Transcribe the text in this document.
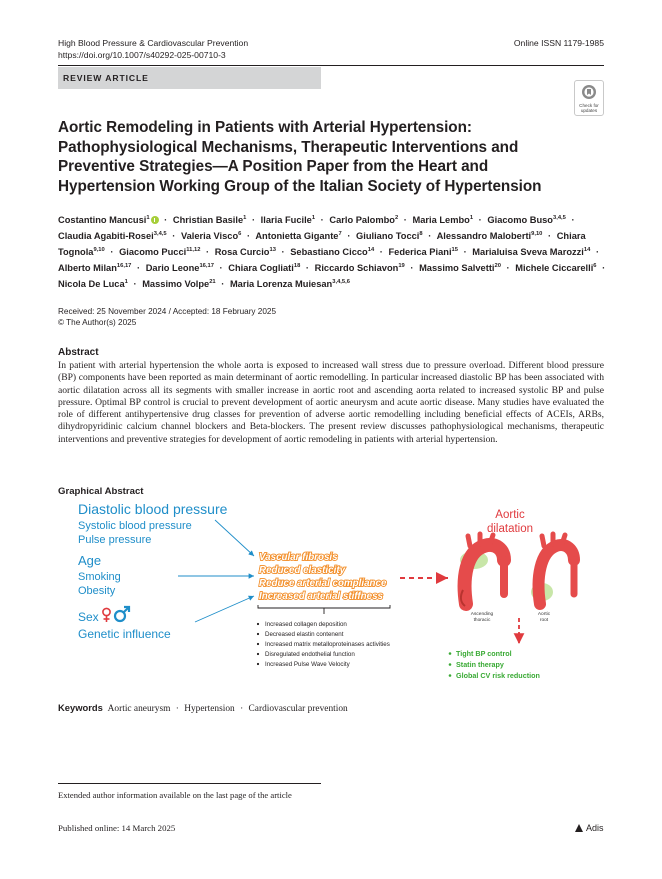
High Blood Pressure & Cardiovascular Prevention
https://doi.org/10.1007/s40292-025-00710-3
Online ISSN 1179-1985
REVIEW ARTICLE
Check for
updates
Aortic Remodeling in Patients with Arterial Hypertension: Pathophysiological Mechanisms, Therapeutic Interventions and Preventive Strategies—A Position Paper from the Heart and Hypertension Working Group of the Italian Society of Hypertension
Costantino Mancusi$^1$ · Christian Basile$^1$ · Ilaria Fucile$^1$ · Carlo Palombo$^2$ · Maria Lembo$^1$ · Giacomo Buso$^{3,4,5}$ · Claudia Agabiti-Rosei$^{3,4,5}$ · Valeria Visco$^6$ · Antonietta Gigante$^7$ · Giuliano Tocci$^8$ · Alessandro Maloberti$^{9,10}$ · Chiara Tognola$^{9,10}$ · Giacomo Pucci$^{11,12}$ · Rosa Curcio$^{13}$ · Sebastiano Cicco$^{14}$ · Federica Piani$^{15}$ · Marialuisa Sveva Marozzi$^{14}$ · Alberto Milan$^{16,17}$ · Dario Leone$^{16,17}$ · Chiara Cogliati$^{18}$ · Riccardo Schiavon$^{19}$ · Massimo Salvetti$^{20}$ · Michele Ciccarelli$^6$ · Nicola De Luca$^1$ · Massimo Volpe$^{21}$ · Maria Lorenza Muiesan$^{3,4,5,6}$
Received: 25 November 2024 / Accepted: 18 February 2025
© The Author(s) 2025
Abstract
In patient with arterial hypertension the whole aorta is exposed to increased wall stress due to pressure overload. Different blood pressure (BP) components have been reported as main determinant of aortic remodelling. In particular increased diastolic BP has been associated with aortic dilatation across all its segments with smaller increase in aortic root and ascending aorta related to increased systolic BP and pulse pressure. Optimal BP control is crucial to prevent development of aortic aneurysm and acute aortic disease. Many studies have evaluated the role of different antihypertensive drug classes for prevention of adverse aortic remodelling including beneficial effects of ACEIs, ARBs, dihydropyridinic calcium channel blockers and Beta-blockers. The present review discusses pathophysiological mechanisms, therapeutic interventions and preventive strategies for development of aortic remodeling in patients with arterial hypertension.
Graphical Abstract
Diastolic blood pressure
Systolic blood pressure
Pulse pressure
Age
Smoking
Obesity
Sex
Genetic influence
Vascular fibrosis
Reduced elasticity
Reduce arterial compliance
Increased arterial stiffness
Increased collagen deposition
Decreased elastin contenent
Increased matrix metalloproteinases activities
Disregulated endothelial function
Increased Pulse Wave Velocity
Aortic
dilatation
Ascending
thoracic
Aortic
root
Tight BP control
Statin therapy
Global CV risk reduction
Keywords Aortic aneurysm · Hypertension · Cardiovascular prevention
Extended author information available on the last page of the article
Published online: 14 March 2025	Adis
